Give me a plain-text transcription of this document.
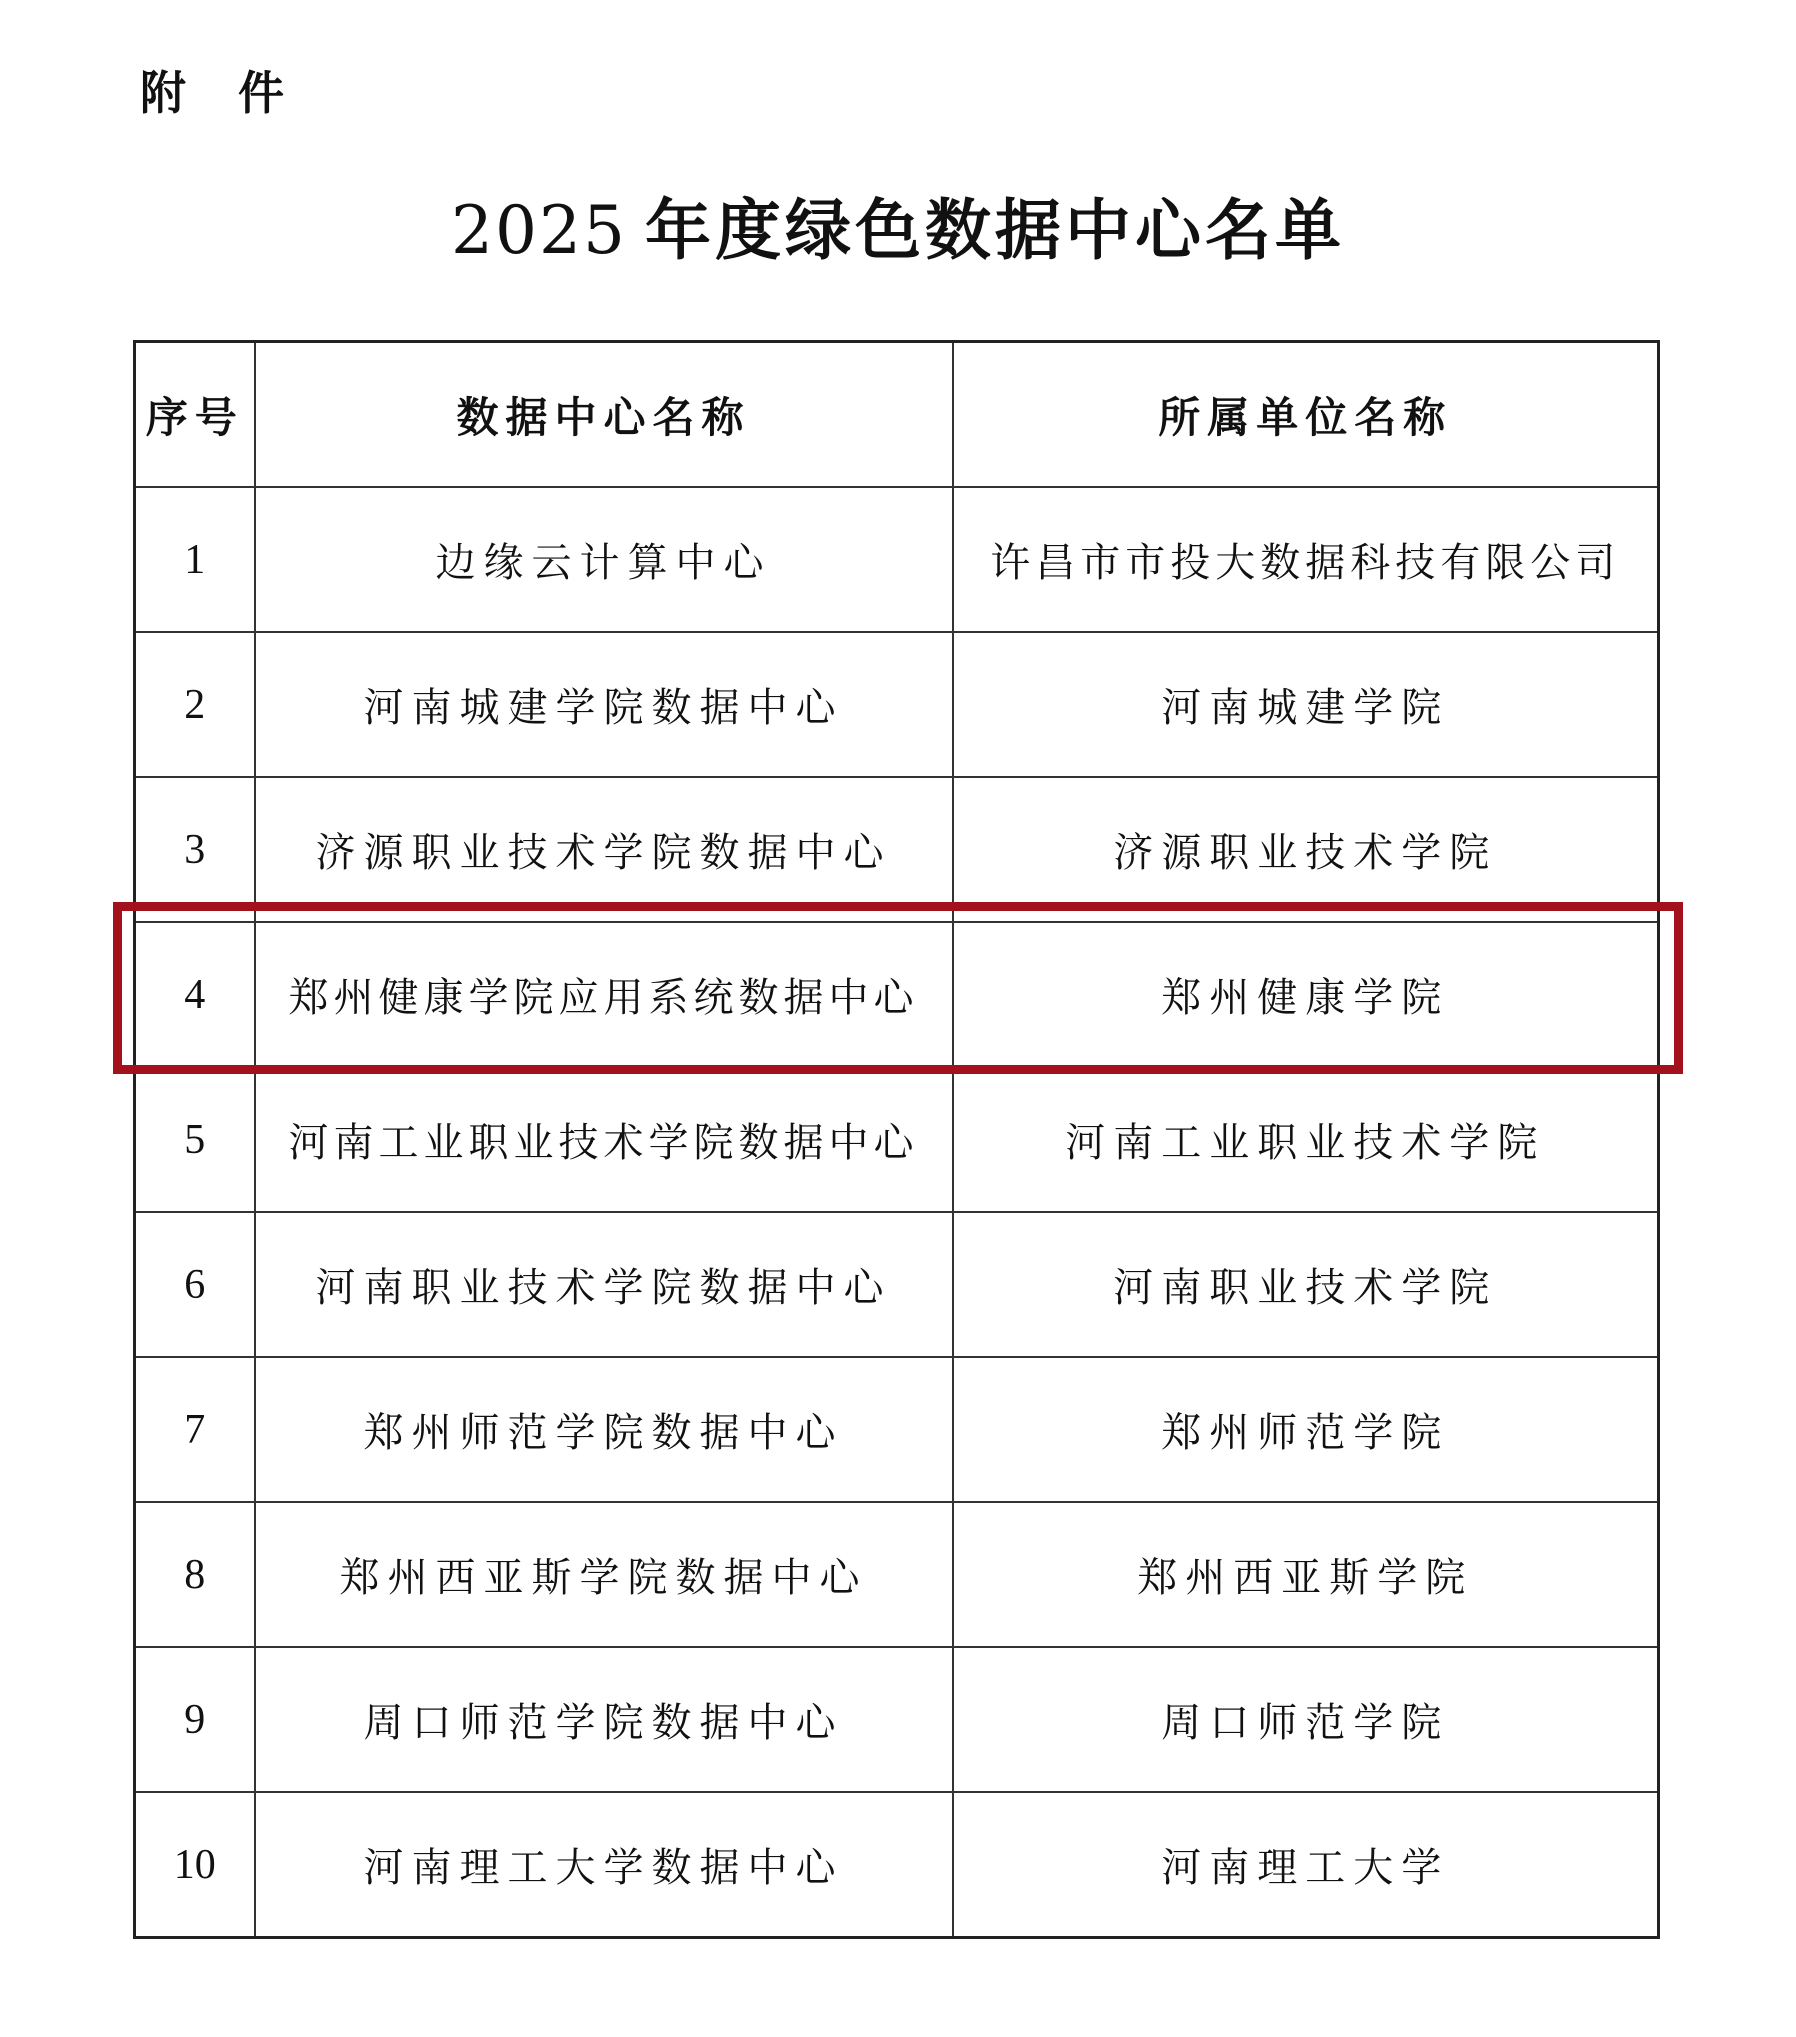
附件
2025 年度绿色数据中心名单
序号	数据中心名称	所属单位名称
1	边缘云计算中心	许昌市市投大数据科技有限公司
2	河南城建学院数据中心	河南城建学院
3	济源职业技术学院数据中心	济源职业技术学院
4	郑州健康学院应用系统数据中心	郑州健康学院
5	河南工业职业技术学院数据中心	河南工业职业技术学院
6	河南职业技术学院数据中心	河南职业技术学院
7	郑州师范学院数据中心	郑州师范学院
8	郑州西亚斯学院数据中心	郑州西亚斯学院
9	周口师范学院数据中心	周口师范学院
10	河南理工大学数据中心	河南理工大学
